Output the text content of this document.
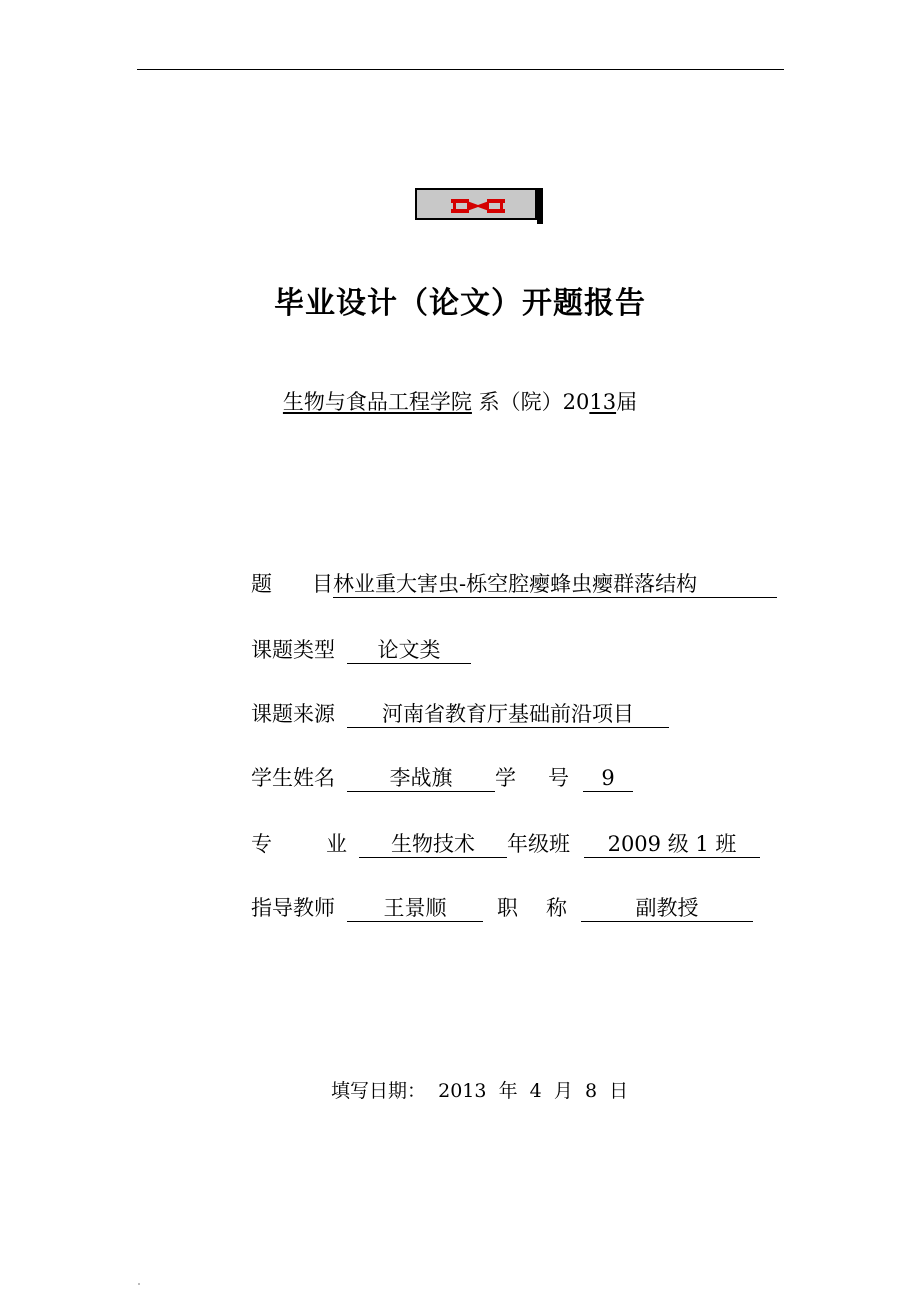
毕业设计（论文）开题报告
生物与食品工程学院 系（院）2013届
题 目林业重大害虫-栎空腔瘿蜂虫瘿群落结构
课题类型 论文类
课题来源 河南省教育厅基础前沿项目
学生姓名	李战旗 学 号 9
专	业 生物技术 年级班 2009 级 1 班
指导教师 王景顺 职 称	副教授
填写日期： 2013 年 4 月 8 日
